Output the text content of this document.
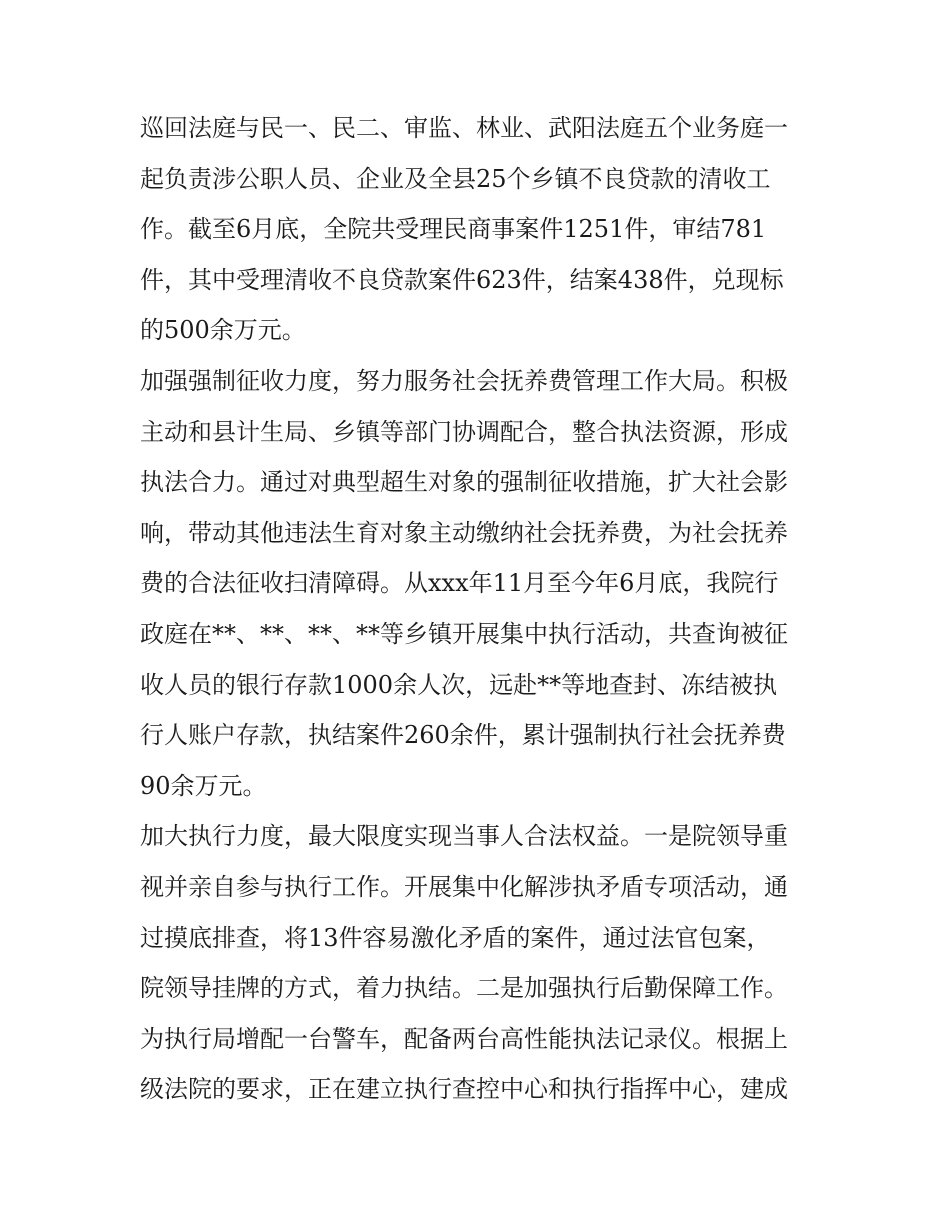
巡回法庭与民一、民二、审监、林业、武阳法庭五个业务庭一
起负责涉公职人员、企业及全县25个乡镇不良贷款的清收工
作。截至6月底，全院共受理民商事案件1251件，审结781
件，其中受理清收不良贷款案件623件，结案438件，兑现标
的500余万元。
加强强制征收力度，努力服务社会抚养费管理工作大局。积极
主动和县计生局、乡镇等部门协调配合，整合执法资源，形成
执法合力。通过对典型超生对象的强制征收措施，扩大社会影
响，带动其他违法生育对象主动缴纳社会抚养费，为社会抚养
费的合法征收扫清障碍。从xxx年11月至今年6月底，我院行
政庭在**、**、**、**等乡镇开展集中执行活动，共查询被征
收人员的银行存款1000余人次，远赴**等地查封、冻结被执
行人账户存款，执结案件260余件，累计强制执行社会抚养费
90余万元。
加大执行力度，最大限度实现当事人合法权益。一是院领导重
视并亲自参与执行工作。开展集中化解涉执矛盾专项活动，通
过摸底排查，将13件容易激化矛盾的案件，通过法官包案，
院领导挂牌的方式，着力执结。二是加强执行后勤保障工作。
为执行局增配一台警车，配备两台高性能执法记录仪。根据上
级法院的要求，正在建立执行查控中心和执行指挥中心，建成
